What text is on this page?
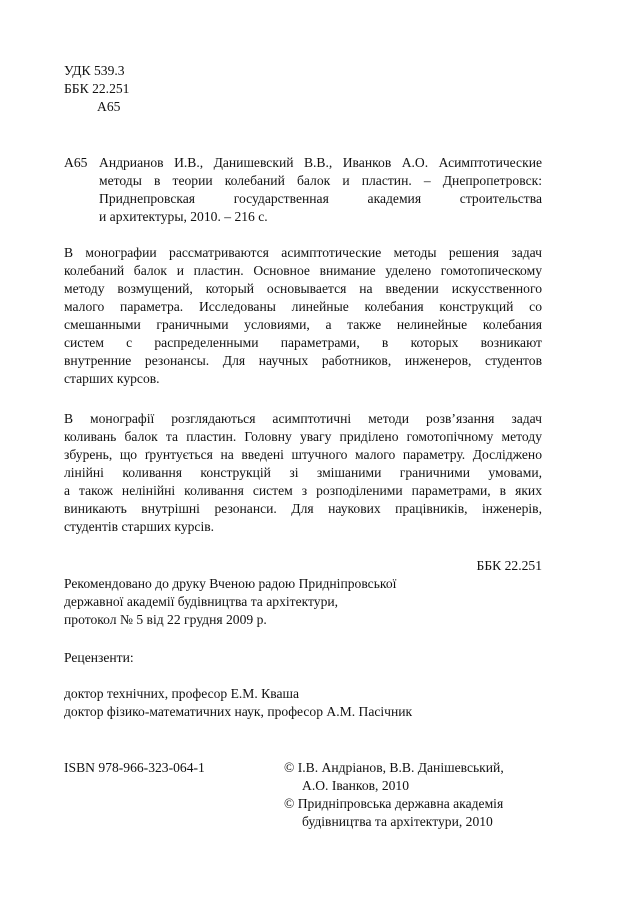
УДК 539.3
ББК 22.251
А65
А65 Андрианов И.В., Данишевский В.В., Иванков А.О. Асимптотические
методы в теории колебаний балок и пластин. – Днепропетровск:
Приднепровская государственная академия строительства
и архитектуры, 2010. – 216 с.
В монографии рассматриваются асимптотические методы решения задач
колебаний балок и пластин. Основное внимание уделено гомотопическому
методу возмущений, который основывается на введении искусственного
малого параметра. Исследованы линейные колебания конструкций со
смешанными граничными условиями, а также нелинейные колебания
систем с распределенными параметрами, в которых возникают
внутренние резонансы. Для научных работников, инженеров, студентов
старших курсов.
В монографії розглядаються асимптотичні методи розв’язання задач
коливань балок та пластин. Головну увагу приділено гомотопічному методу
збурень, що ґрунтується на введені штучного малого параметру. Досліджено
лінійні коливання конструкцій зі змішаними граничними умовами,
а також нелінійні коливання систем з розподіленими параметрами, в яких
виникають внутрішні резонанси. Для наукових працівників, інженерів,
студентів старших курсів.
ББК 22.251
Рекомендовано до друку Вченою радою Придніпровської
державної академії будівництва та архітектури,
протокол № 5 від 22 грудня 2009 р.
Рецензенти:
доктор технічних, професор Е.М. Кваша
доктор фізико-математичних наук, професор А.М. Пасічник
ISBN 978-966-323-064-1	© І.В. Андріанов, В.В. Данішевський,
А.О. Іванков, 2010
© Придніпровська державна академія
будівництва та архітектури, 2010
